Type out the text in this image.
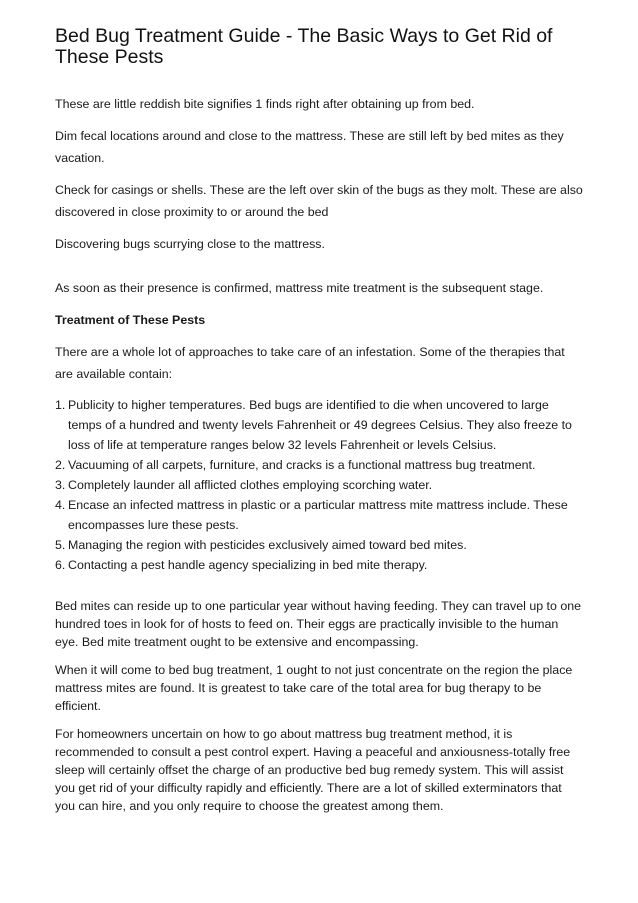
Bed Bug Treatment Guide - The Basic Ways to Get Rid of These Pests

These are little reddish bite signifies 1 finds right after obtaining up from bed.

Dim fecal locations around and close to the mattress. These are still left by bed mites as they vacation.

Check for casings or shells. These are the left over skin of the bugs as they molt. These are also discovered in close proximity to or around the bed

Discovering bugs scurrying close to the mattress.

As soon as their presence is confirmed, mattress mite treatment is the subsequent stage.

Treatment of These Pests

There are a whole lot of approaches to take care of an infestation. Some of the therapies that are available contain:

1. Publicity to higher temperatures. Bed bugs are identified to die when uncovered to large temps of a hundred and twenty levels Fahrenheit or 49 degrees Celsius. They also freeze to loss of life at temperature ranges below 32 levels Fahrenheit or levels Celsius.
2. Vacuuming of all carpets, furniture, and cracks is a functional mattress bug treatment.
3. Completely launder all afflicted clothes employing scorching water.
4. Encase an infected mattress in plastic or a particular mattress mite mattress include. These encompasses lure these pests.
5. Managing the region with pesticides exclusively aimed toward bed mites.
6. Contacting a pest handle agency specializing in bed mite therapy.

Bed mites can reside up to one particular year without having feeding. They can travel up to one hundred toes in look for of hosts to feed on. Their eggs are practically invisible to the human eye. Bed mite treatment ought to be extensive and encompassing.

When it will come to bed bug treatment, 1 ought to not just concentrate on the region the place mattress mites are found. It is greatest to take care of the total area for bug therapy to be efficient.

For homeowners uncertain on how to go about mattress bug treatment method, it is recommended to consult a pest control expert. Having a peaceful and anxiousness-totally free sleep will certainly offset the charge of an productive bed bug remedy system. This will assist you get rid of your difficulty rapidly and efficiently. There are a lot of skilled exterminators that you can hire, and you only require to choose the greatest among them.
